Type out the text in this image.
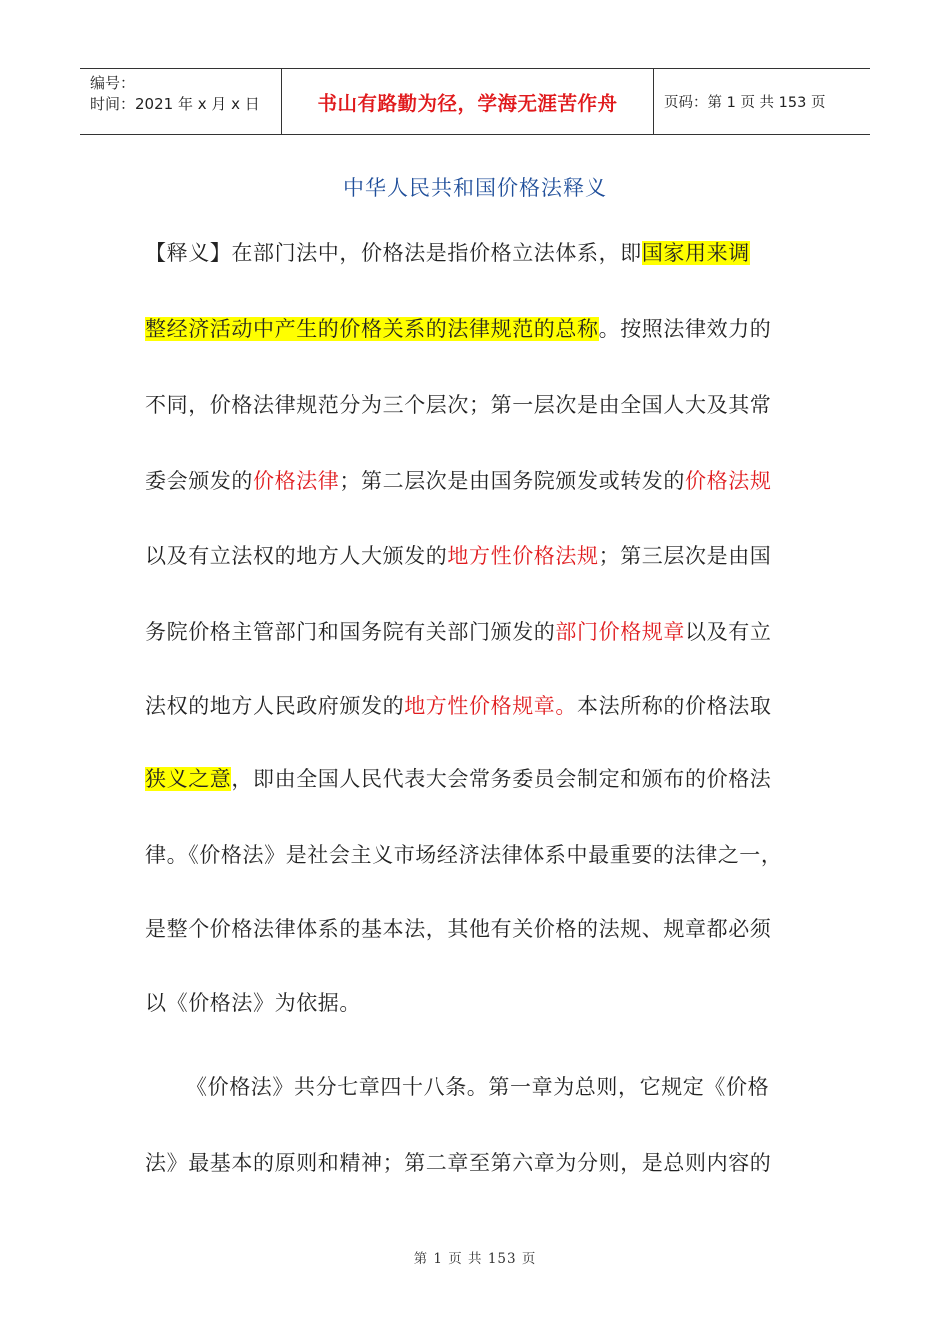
编号：
时间：2021 年 x 月 x 日	书山有路勤为径，学海无涯苦作舟	页码：第 1 页 共 153 页
中华人民共和国价格法释义
【释义】在部门法中，价格法是指价格立法体系，即国家用来调
整经济活动中产生的价格关系的法律规范的总称。按照法律效力的
不同，价格法律规范分为三个层次；第一层次是由全国人大及其常
委会颁发的价格法律；第二层次是由国务院颁发或转发的价格法规
以及有立法权的地方人大颁发的地方性价格法规；第三层次是由国
务院价格主管部门和国务院有关部门颁发的部门价格规章以及有立
法权的地方人民政府颁发的地方性价格规章。本法所称的价格法取
狭义之意，即由全国人民代表大会常务委员会制定和颁布的价格法
律。《价格法》是社会主义市场经济法律体系中最重要的法律之一，
是整个价格法律体系的基本法，其他有关价格的法规、规章都必须
以《价格法》为依据。
《价格法》共分七章四十八条。第一章为总则，它规定《价格
法》最基本的原则和精神；第二章至第六章为分则，是总则内容的
第 1 页 共 153 页
